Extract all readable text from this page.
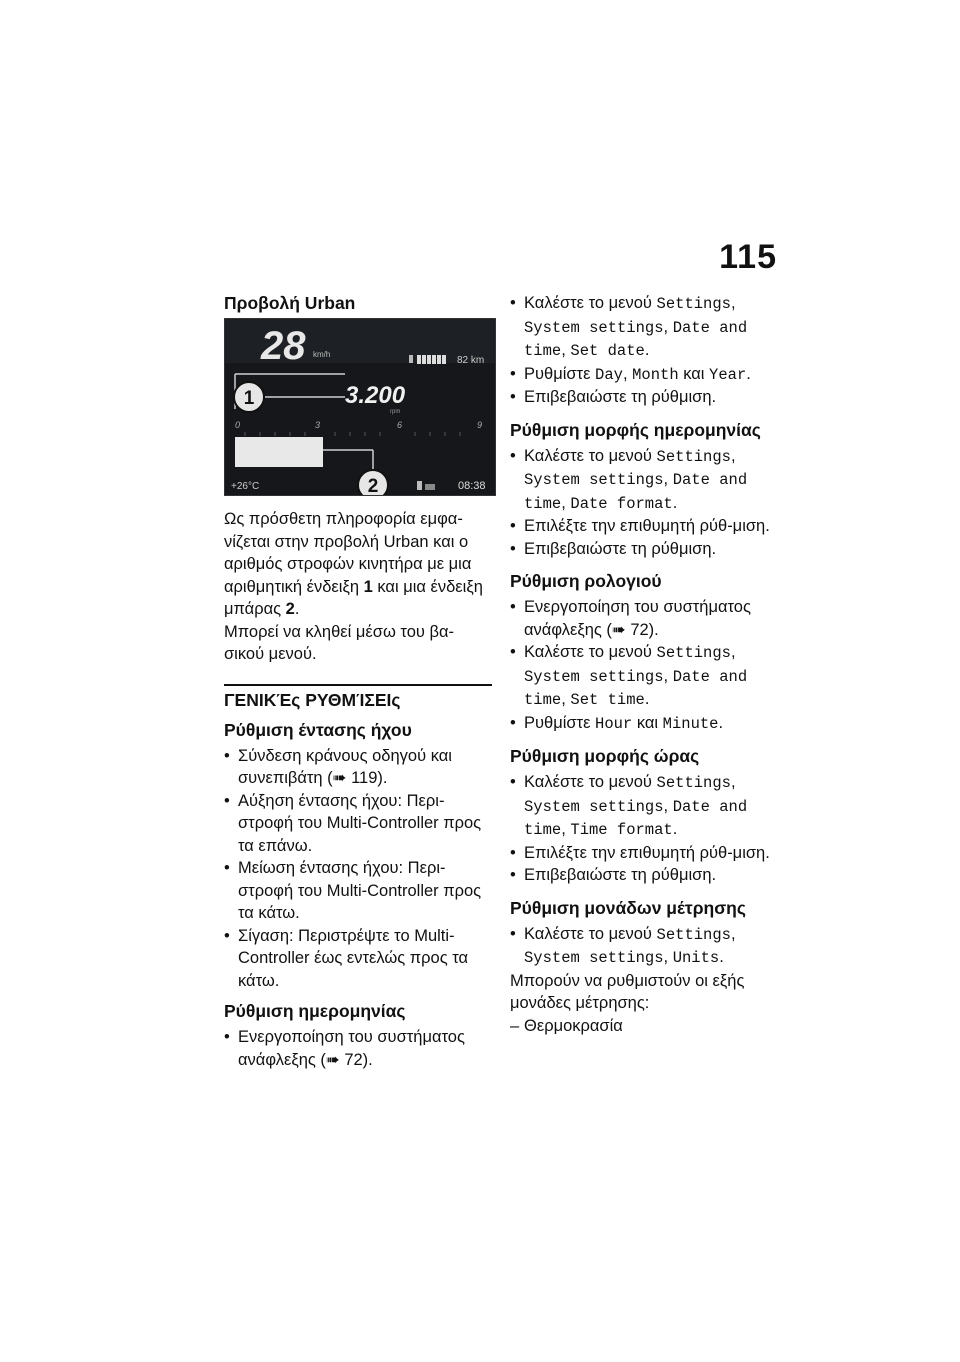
115
Προβολή Urban
28 km/h
82 km
3.200
rpm
1
0	3	6	9
2
+26°C	08:38

Ως πρόσθετη πληροφορία εμφα-νίζεται στην προβολή Urban και ο αριθμός στροφών κινητήρα με μια αριθμητική ένδειξη 1 και μια ένδειξη μπάρας 2.

Μπορεί να κληθεί μέσω του βα-σικού μενού.

ΓΕΝΙΚΈς ΡΥΘΜΊΣΕΙς
Ρύθμιση έντασης ήχου
• Σύνδεση κράνους οδηγού και συνεπιβάτη (➠ 119).
• Αύξηση έντασης ήχου: Περι-στροφή του Multi-Controller προς τα επάνω.
• Μείωση έντασης ήχου: Περι-στροφή του Multi-Controller προς τα κάτω.
• Σίγαση: Περιστρέψτε το Multi-Controller έως εντελώς προς τα κάτω.
Ρύθμιση ημερομηνίας
• Ενεργοποίηση του συστήματος ανάφλεξης (➠ 72).
• Καλέστε το μενού Settings, System settings, Date and time, Set date.
• Ρυθμίστε Day, Month και Year.
• Επιβεβαιώστε τη ρύθμιση.
Ρύθμιση μορφής ημερομηνίας
• Καλέστε το μενού Settings, System settings, Date and time, Date format.
• Επιλέξτε την επιθυμητή ρύθ-μιση.
• Επιβεβαιώστε τη ρύθμιση.
Ρύθμιση ρολογιού
• Ενεργοποίηση του συστήματος ανάφλεξης (➠ 72).
• Καλέστε το μενού Settings, System settings, Date and time, Set time.
• Ρυθμίστε Hour και Minute.
Ρύθμιση μορφής ώρας
• Καλέστε το μενού Settings, System settings, Date and time, Time format.
• Επιλέξτε την επιθυμητή ρύθ-μιση.
• Επιβεβαιώστε τη ρύθμιση.
Ρύθμιση μονάδων μέτρησης
• Καλέστε το μενού Settings, System settings, Units.

Μπορούν να ρυθμιστούν οι εξής μονάδες μέτρησης:

– Θερμοκρασία
